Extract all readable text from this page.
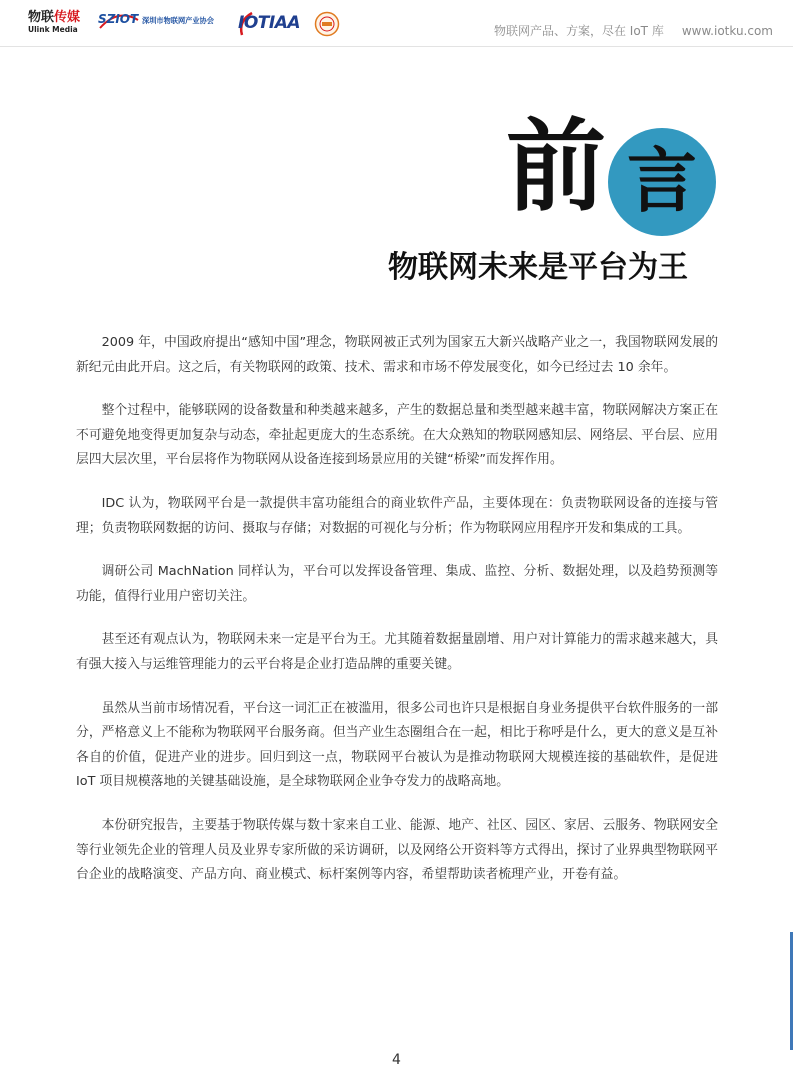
物联传媒
Ulink Media
SZIOT 深圳市物联网产业协会 IOTIAA	物联网产品、方案，尽在 IoT 库 www.iotku.com
前 言
物联网未来是平台为王

2009 年，中国政府提出“感知中国”理念，物联网被正式列为国家五大新兴战略产业之一，我国物联网发展的新纪元由此开启。这之后，有关物联网的政策、技术、需求和市场不停发展变化，如今已经过去 10 余年。

整个过程中，能够联网的设备数量和种类越来越多，产生的数据总量和类型越来越丰富，物联网解决方案正在不可避免地变得更加复杂与动态，牵扯起更庞大的生态系统。在大众熟知的物联网感知层、网络层、平台层、应用层四大层次里，平台层将作为物联网从设备连接到场景应用的关键“桥梁”而发挥作用。

IDC 认为，物联网平台是一款提供丰富功能组合的商业软件产品，主要体现在：负责物联网设备的连接与管理；负责物联网数据的访问、摄取与存储；对数据的可视化与分析；作为物联网应用程序开发和集成的工具。

调研公司 MachNation 同样认为，平台可以发挥设备管理、集成、监控、分析、数据处理，以及趋势预测等功能，值得行业用户密切关注。

甚至还有观点认为，物联网未来一定是平台为王。尤其随着数据量剧增、用户对计算能力的需求越来越大，具有强大接入与运维管理能力的云平台将是企业打造品牌的重要关键。

虽然从当前市场情况看，平台这一词汇正在被滥用，很多公司也许只是根据自身业务提供平台软件服务的一部分，严格意义上不能称为物联网平台服务商。但当产业生态圈组合在一起，相比于称呼是什么，更大的意义是互补各自的价值，促进产业的进步。回归到这一点，物联网平台被认为是推动物联网大规模连接的基础软件，是促进 IoT 项目规模落地的关键基础设施，是全球物联网企业争夺发力的战略高地。

本份研究报告，主要基于物联传媒与数十家来自工业、能源、地产、社区、园区、家居、云服务、物联网安全等行业领先企业的管理人员及业界专家所做的采访调研，以及网络公开资料等方式得出，探讨了业界典型物联网平台企业的战略演变、产品方向、商业模式、标杆案例等内容，希望帮助读者梳理产业，开卷有益。

4
